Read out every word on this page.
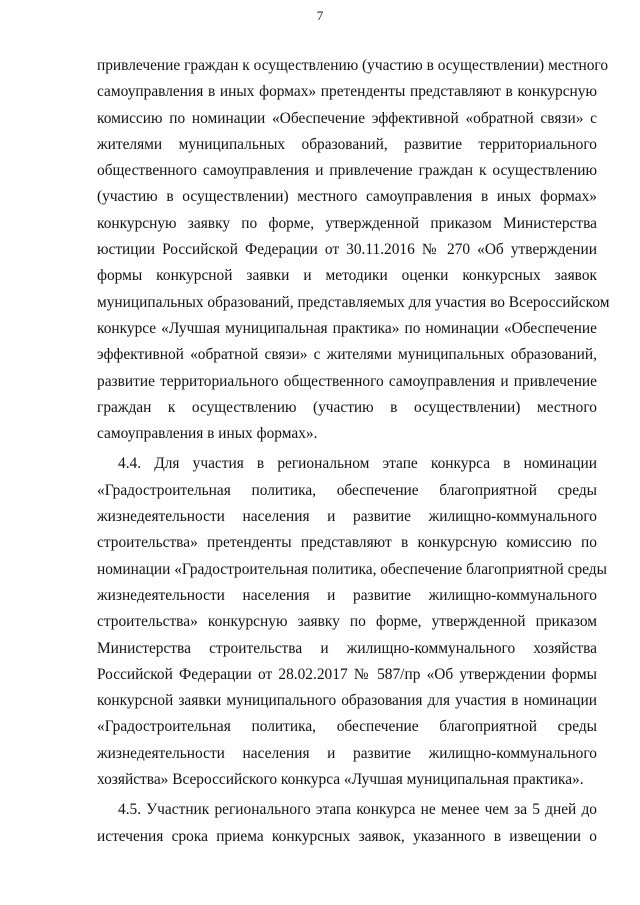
7
привлечение граждан к осуществлению (участию в осуществлении) местного
самоуправления в иных формах» претенденты представляют в конкурсную
комиссию по номинации «Обеспечение эффективной «обратной связи» с
жителями муниципальных образований, развитие территориального
общественного самоуправления и привлечение граждан к осуществлению
(участию в осуществлении) местного самоуправления в иных формах»
конкурсную заявку по форме, утвержденной приказом Министерства
юстиции Российской Федерации от 30.11.2016 № 270 «Об утверждении
формы конкурсной заявки и методики оценки конкурсных заявок
муниципальных образований, представляемых для участия во Всероссийском
конкурсе «Лучшая муниципальная практика» по номинации «Обеспечение
эффективной «обратной связи» с жителями муниципальных образований,
развитие территориального общественного самоуправления и привлечение
граждан к осуществлению (участию в осуществлении) местного
самоуправления в иных формах».
4.4. Для участия в региональном этапе конкурса в номинации
«Градостроительная политика, обеспечение благоприятной среды
жизнедеятельности населения и развитие жилищно-коммунального
строительства» претенденты представляют в конкурсную комиссию по
номинации «Градостроительная политика, обеспечение благоприятной среды
жизнедеятельности населения и развитие жилищно-коммунального
строительства» конкурсную заявку по форме, утвержденной приказом
Министерства строительства и жилищно-коммунального хозяйства
Российской Федерации от 28.02.2017 № 587/пр «Об утверждении формы
конкурсной заявки муниципального образования для участия в номинации
«Градостроительная политика, обеспечение благоприятной среды
жизнедеятельности населения и развитие жилищно-коммунального
хозяйства» Всероссийского конкурса «Лучшая муниципальная практика».
4.5. Участник регионального этапа конкурса не менее чем за 5 дней до
истечения срока приема конкурсных заявок, указанного в извещении о
